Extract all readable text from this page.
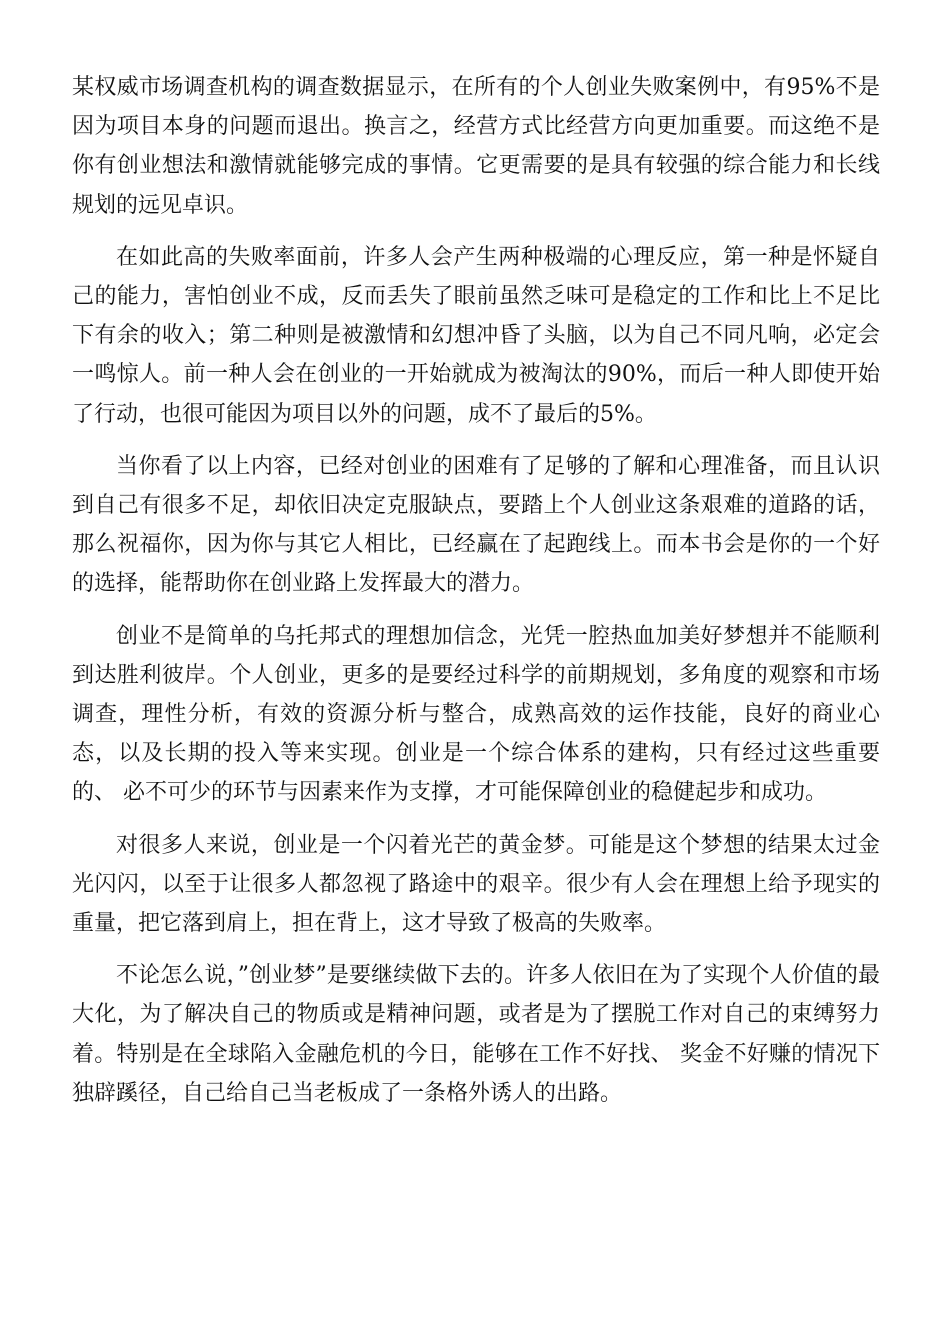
某权威市场调查机构的调查数据显示，在所有的个人创业失败案例中，有95%不是因为项目本身的问题而退出。换言之，经营方式比经营方向更加重要。而这绝不是你有创业想法和激情就能够完成的事情。它更需要的是具有较强的综合能力和长线规划的远见卓识。

在如此高的失败率面前，许多人会产生两种极端的心理反应，第一种是怀疑自己的能力，害怕创业不成，反而丢失了眼前虽然乏味可是稳定的工作和比上不足比下有余的收入；第二种则是被激情和幻想冲昏了头脑，以为自己不同凡响，必定会一鸣惊人。前一种人会在创业的一开始就成为被淘汰的90%，而后一种人即使开始了行动，也很可能因为项目以外的问题，成不了最后的5%。

当你看了以上内容，已经对创业的困难有了足够的了解和心理准备，而且认识到自己有很多不足，却依旧决定克服缺点，要踏上个人创业这条艰难的道路的话，那么祝福你，因为你与其它人相比，已经赢在了起跑线上。而本书会是你的一个好的选择，能帮助你在创业路上发挥最大的潜力。

创业不是简单的乌托邦式的理想加信念，光凭一腔热血加美好梦想并不能顺利到达胜利彼岸。个人创业，更多的是要经过科学的前期规划，多角度的观察和市场调查，理性分析，有效的资源分析与整合，成熟高效的运作技能，良好的商业心态，以及长期的投入等来实现。创业是一个综合体系的建构，只有经过这些重要的、 必不可少的环节与因素来作为支撑，才可能保障创业的稳健起步和成功。

对很多人来说，创业是一个闪着光芒的黄金梦。可能是这个梦想的结果太过金光闪闪，以至于让很多人都忽视了路途中的艰辛。很少有人会在理想上给予现实的重量，把它落到肩上，担在背上，这才导致了极高的失败率。

不论怎么说，”创业梦”是要继续做下去的。许多人依旧在为了实现个人价值的最大化，为了解决自己的物质或是精神问题，或者是为了摆脱工作对自己的束缚努力着。特别是在全球陷入金融危机的今日，能够在工作不好找、 奖金不好赚的情况下独辟蹊径，自己给自己当老板成了一条格外诱人的出路。
